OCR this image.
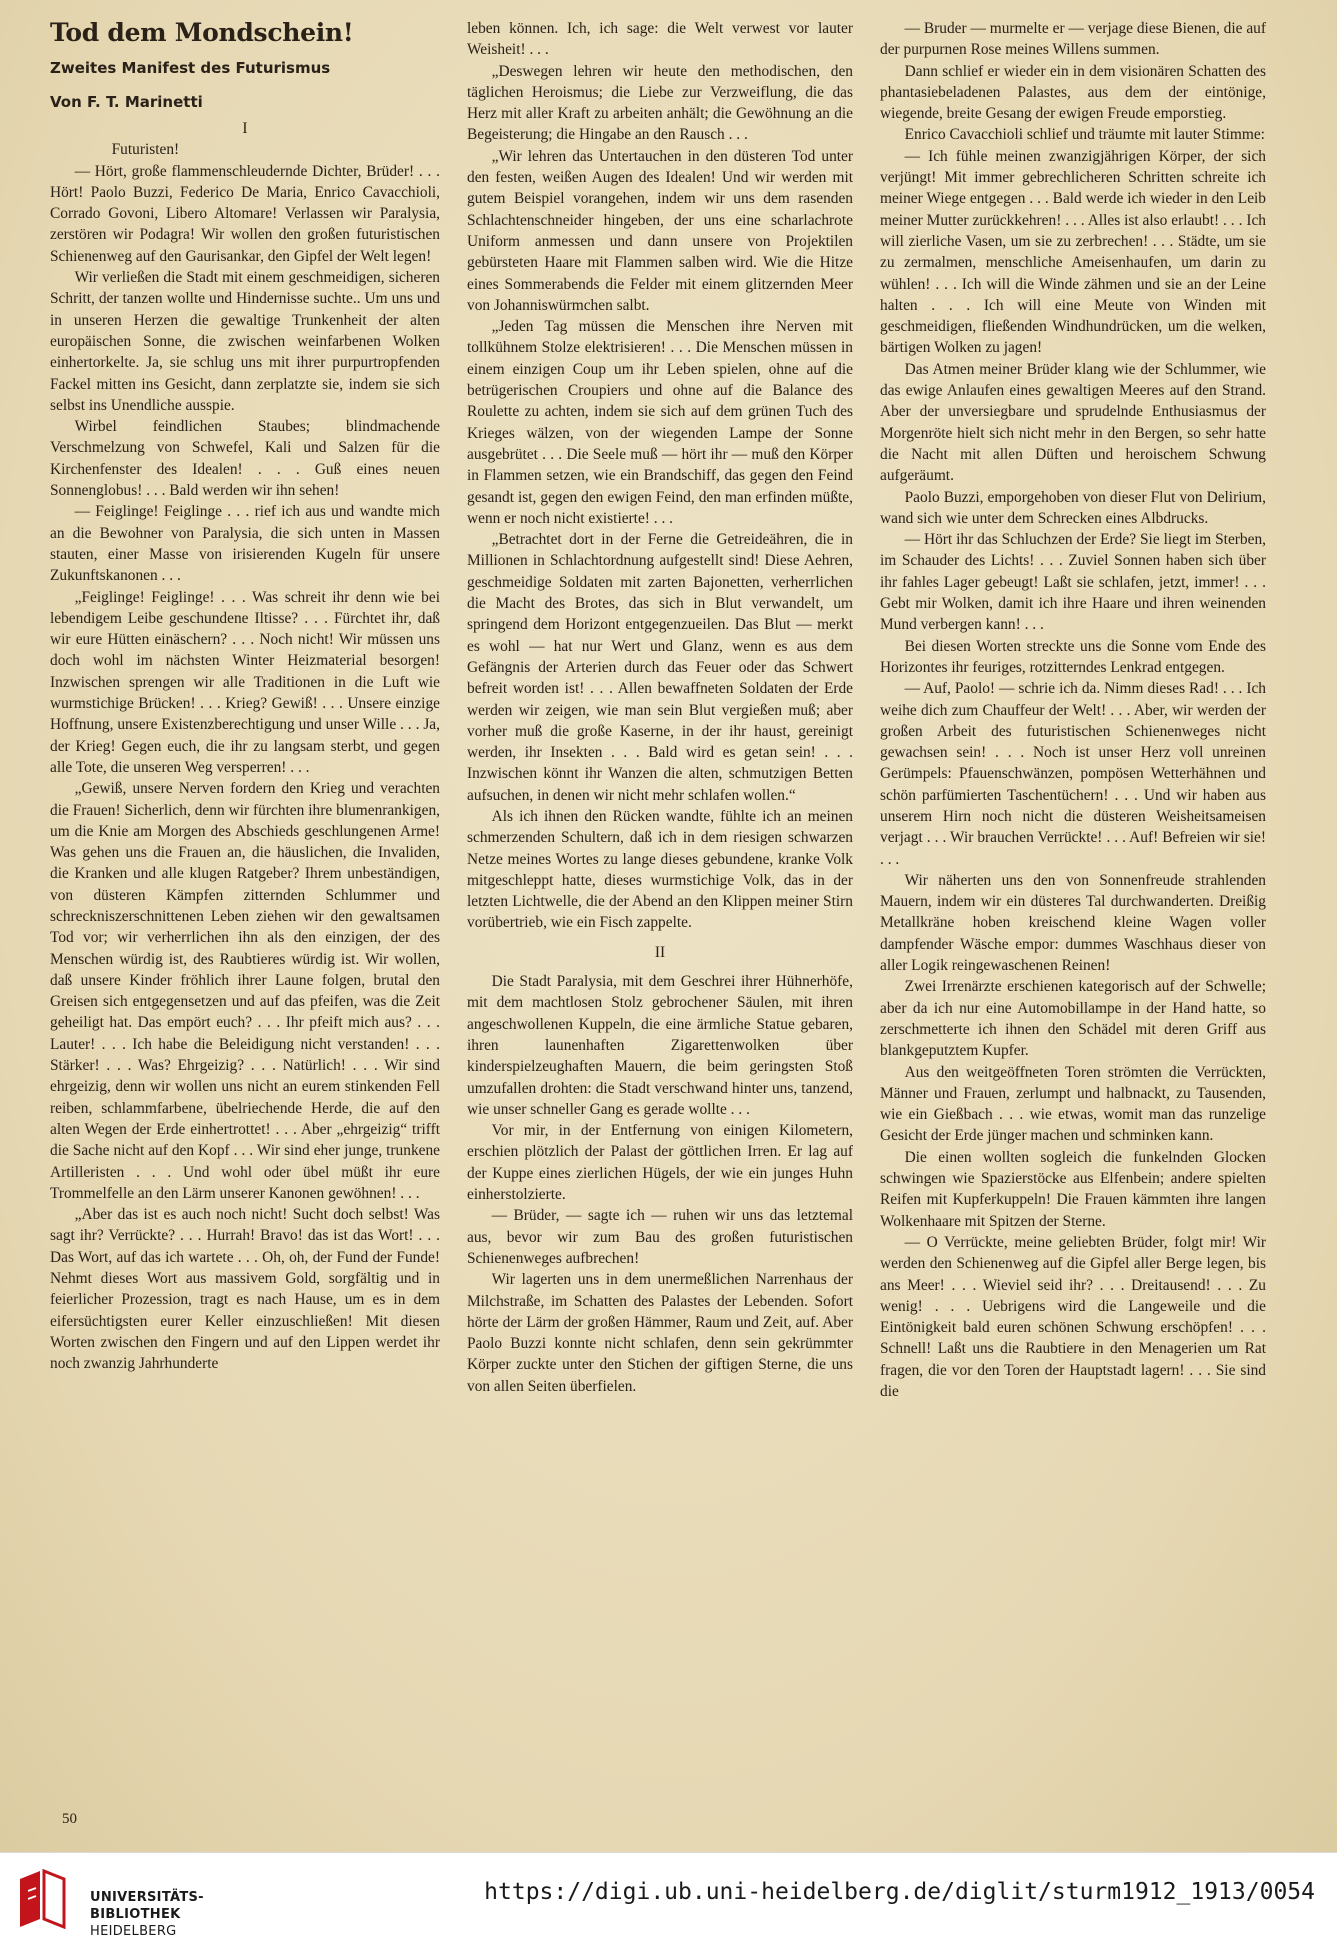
Tod dem Mondschein!
Zweites Manifest des Futurismus
Von F. T. Marinetti

I

Futuristen!

— Hört, große flammenschleudernde Dichter, Brüder! . . . Hört! Paolo Buzzi, Federico De Maria, Enrico Cavacchioli, Corrado Govoni, Libero Altomare! Verlassen wir Paralysia, zerstören wir Podagra! Wir wollen den großen futuristischen Schienenweg auf den Gaurisankar, den Gipfel der Welt legen!

Wir verließen die Stadt mit einem geschmeidigen, sicheren Schritt, der tanzen wollte und Hindernisse suchte.. Um uns und in unseren Herzen die gewaltige Trunkenheit der alten europäischen Sonne, die zwischen weinfarbenen Wolken einhertorkelte. Ja, sie schlug uns mit ihrer purpurtropfenden Fackel mitten ins Gesicht, dann zerplatzte sie, indem sie sich selbst ins Unendliche ausspie.

Wirbel feindlichen Staubes; blindmachende Verschmelzung von Schwefel, Kali und Salzen für die Kirchenfenster des Idealen! . . . Guß eines neuen Sonnenglobus! . . . Bald werden wir ihn sehen!

— Feiglinge! Feiglinge . . . rief ich aus und wandte mich an die Bewohner von Paralysia, die sich unten in Massen stauten, einer Masse von irisierenden Kugeln für unsere Zukunftskanonen . . .

„Feiglinge! Feiglinge! . . . Was schreit ihr denn wie bei lebendigem Leibe geschundene Iltisse? . . . Fürchtet ihr, daß wir eure Hütten einäschern? . . . Noch nicht! Wir müssen uns doch wohl im nächsten Winter Heizmaterial besorgen! Inzwischen sprengen wir alle Traditionen in die Luft wie wurmstichige Brücken! . . . Krieg? Gewiß! . . . Unsere einzige Hoffnung, unsere Existenzberechtigung und unser Wille . . . Ja, der Krieg! Gegen euch, die ihr zu langsam sterbt, und gegen alle Tote, die unseren Weg versperren! . . .

„Gewiß, unsere Nerven fordern den Krieg und verachten die Frauen! Sicherlich, denn wir fürchten ihre blumenrankigen, um die Knie am Morgen des Abschieds geschlungenen Arme! Was gehen uns die Frauen an, die häuslichen, die Invaliden, die Kranken und alle klugen Ratgeber? Ihrem unbeständigen, von düsteren Kämpfen zitternden Schlummer und schreckniszerschnittenen Leben ziehen wir den gewaltsamen Tod vor; wir verherrlichen ihn als den einzigen, der des Menschen würdig ist, des Raubtieres würdig ist. Wir wollen, daß unsere Kinder fröhlich ihrer Laune folgen, brutal den Greisen sich entgegensetzen und auf das pfeifen, was die Zeit geheiligt hat. Das empört euch? . . . Ihr pfeift mich aus? . . . Lauter! . . . Ich habe die Beleidigung nicht verstanden! . . . Stärker! . . . Was? Ehrgeizig? . . . Natürlich! . . . Wir sind ehrgeizig, denn wir wollen uns nicht an eurem stinkenden Fell reiben, schlammfarbene, übelriechende Herde, die auf den alten Wegen der Erde einhertrottet! . . . Aber „ehrgeizig“ trifft die Sache nicht auf den Kopf . . . Wir sind eher junge, trunkene Artilleristen . . . Und wohl oder übel müßt ihr eure Trommelfelle an den Lärm unserer Kanonen gewöhnen! . . .

„Aber das ist es auch noch nicht! Sucht doch selbst! Was sagt ihr? Verrückte? . . . Hurrah! Bravo! das ist das Wort! . . . Das Wort, auf das ich wartete . . . Oh, oh, der Fund der Funde! Nehmt dieses Wort aus massivem Gold, sorgfältig und in feierlicher Prozession, tragt es nach Hause, um es in dem eifersüchtigsten eurer Keller einzuschließen! Mit diesen Worten zwischen den Fingern und auf den Lippen werdet ihr noch zwanzig Jahrhunderte

leben können. Ich, ich sage: die Welt verwest vor lauter Weisheit! . . .

„Deswegen lehren wir heute den methodischen, den täglichen Heroismus; die Liebe zur Verzweiflung, die das Herz mit aller Kraft zu arbeiten anhält; die Gewöhnung an die Begeisterung; die Hingabe an den Rausch . . .

„Wir lehren das Untertauchen in den düsteren Tod unter den festen, weißen Augen des Idealen! Und wir werden mit gutem Beispiel vorangehen, indem wir uns dem rasenden Schlachtenschneider hingeben, der uns eine scharlachrote Uniform anmessen und dann unsere von Projektilen gebürsteten Haare mit Flammen salben wird. Wie die Hitze eines Sommerabends die Felder mit einem glitzernden Meer von Johanniswürmchen salbt.

„Jeden Tag müssen die Menschen ihre Nerven mit tollkühnem Stolze elektrisieren! . . . Die Menschen müssen in einem einzigen Coup um ihr Leben spielen, ohne auf die betrügerischen Croupiers und ohne auf die Balance des Roulette zu achten, indem sie sich auf dem grünen Tuch des Krieges wälzen, von der wiegenden Lampe der Sonne ausgebrütet . . . Die Seele muß — hört ihr — muß den Körper in Flammen setzen, wie ein Brandschiff, das gegen den Feind gesandt ist, gegen den ewigen Feind, den man erfinden müßte, wenn er noch nicht existierte! . . .

„Betrachtet dort in der Ferne die Getreideähren, die in Millionen in Schlachtordnung aufgestellt sind! Diese Aehren, geschmeidige Soldaten mit zarten Bajonetten, verherrlichen die Macht des Brotes, das sich in Blut verwandelt, um springend dem Horizont entgegenzueilen. Das Blut — merkt es wohl — hat nur Wert und Glanz, wenn es aus dem Gefängnis der Arterien durch das Feuer oder das Schwert befreit worden ist! . . . Allen bewaffneten Soldaten der Erde werden wir zeigen, wie man sein Blut vergießen muß; aber vorher muß die große Kaserne, in der ihr haust, gereinigt werden, ihr Insekten . . . Bald wird es getan sein! . . . Inzwischen könnt ihr Wanzen die alten, schmutzigen Betten aufsuchen, in denen wir nicht mehr schlafen wollen.“

Als ich ihnen den Rücken wandte, fühlte ich an meinen schmerzenden Schultern, daß ich in dem riesigen schwarzen Netze meines Wortes zu lange dieses gebundene, kranke Volk mitgeschleppt hatte, dieses wurmstichige Volk, das in der letzten Lichtwelle, die der Abend an den Klippen meiner Stirn vorübertrieb, wie ein Fisch zappelte.

II

Die Stadt Paralysia, mit dem Geschrei ihrer Hühnerhöfe, mit dem machtlosen Stolz gebrochener Säulen, mit ihren angeschwollenen Kuppeln, die eine ärmliche Statue gebaren, ihren launenhaften Zigarettenwolken über kinderspielzeughaften Mauern, die beim geringsten Stoß umzufallen drohten: die Stadt verschwand hinter uns, tanzend, wie unser schneller Gang es gerade wollte . . .

Vor mir, in der Entfernung von einigen Kilometern, erschien plötzlich der Palast der göttlichen Irren. Er lag auf der Kuppe eines zierlichen Hügels, der wie ein junges Huhn einherstolzierte.

— Brüder, — sagte ich — ruhen wir uns das letztemal aus, bevor wir zum Bau des großen futuristischen Schienenweges aufbrechen!

Wir lagerten uns in dem unermeßlichen Narrenhaus der Milchstraße, im Schatten des Palastes der Lebenden. Sofort hörte der Lärm der großen Hämmer, Raum und Zeit, auf. Aber Paolo Buzzi konnte nicht schlafen, denn sein gekrümmter Körper zuckte unter den Stichen der giftigen Sterne, die uns von allen Seiten überfielen.

— Bruder — murmelte er — verjage diese Bienen, die auf der purpurnen Rose meines Willens summen.

Dann schlief er wieder ein in dem visionären Schatten des phantasiebeladenen Palastes, aus dem der eintönige, wiegende, breite Gesang der ewigen Freude emporstieg.

Enrico Cavacchioli schlief und träumte mit lauter Stimme:

— Ich fühle meinen zwanzigjährigen Körper, der sich verjüngt! Mit immer gebrechlicheren Schritten schreite ich meiner Wiege entgegen . . . Bald werde ich wieder in den Leib meiner Mutter zurückkehren! . . . Alles ist also erlaubt! . . . Ich will zierliche Vasen, um sie zu zerbrechen! . . . Städte, um sie zu zermalmen, menschliche Ameisenhaufen, um darin zu wühlen! . . . Ich will die Winde zähmen und sie an der Leine halten . . . Ich will eine Meute von Winden mit geschmeidigen, fließenden Windhundrücken, um die welken, bärtigen Wolken zu jagen!

Das Atmen meiner Brüder klang wie der Schlummer, wie das ewige Anlaufen eines gewaltigen Meeres auf den Strand. Aber der unversiegbare und sprudelnde Enthusiasmus der Morgenröte hielt sich nicht mehr in den Bergen, so sehr hatte die Nacht mit allen Düften und heroischem Schwung aufgeräumt.

Paolo Buzzi, emporgehoben von dieser Flut von Delirium, wand sich wie unter dem Schrecken eines Albdrucks.

— Hört ihr das Schluchzen der Erde? Sie liegt im Sterben, im Schauder des Lichts! . . . Zuviel Sonnen haben sich über ihr fahles Lager gebeugt! Laßt sie schlafen, jetzt, immer! . . . Gebt mir Wolken, damit ich ihre Haare und ihren weinenden Mund verbergen kann! . . .

Bei diesen Worten streckte uns die Sonne vom Ende des Horizontes ihr feuriges, rotzitterndes Lenkrad entgegen.

— Auf, Paolo! — schrie ich da. Nimm dieses Rad! . . . Ich weihe dich zum Chauffeur der Welt! . . . Aber, wir werden der großen Arbeit des futuristischen Schienenweges nicht gewachsen sein! . . . Noch ist unser Herz voll unreinen Gerümpels: Pfauenschwänzen, pompösen Wetterhähnen und schön parfümierten Taschentüchern! . . . Und wir haben aus unserem Hirn noch nicht die düsteren Weisheitsameisen verjagt . . . Wir brauchen Verrückte! . . . Auf! Befreien wir sie! . . .

Wir näherten uns den von Sonnenfreude strahlenden Mauern, indem wir ein düsteres Tal durchwanderten. Dreißig Metallkräne hoben kreischend kleine Wagen voller dampfender Wäsche empor: dummes Waschhaus dieser von aller Logik reingewaschenen Reinen!

Zwei Irrenärzte erschienen kategorisch auf der Schwelle; aber da ich nur eine Automobillampe in der Hand hatte, so zerschmetterte ich ihnen den Schädel mit deren Griff aus blankgeputztem Kupfer.

Aus den weitgeöffneten Toren strömten die Verrückten, Männer und Frauen, zerlumpt und halbnackt, zu Tausenden, wie ein Gießbach . . . wie etwas, womit man das runzelige Gesicht der Erde jünger machen und schminken kann.

Die einen wollten sogleich die funkelnden Glocken schwingen wie Spazierstöcke aus Elfenbein; andere spielten Reifen mit Kupferkuppeln! Die Frauen kämmten ihre langen Wolkenhaare mit Spitzen der Sterne.

— O Verrückte, meine geliebten Brüder, folgt mir! Wir werden den Schienenweg auf die Gipfel aller Berge legen, bis ans Meer! . . . Wieviel seid ihr? . . . Dreitausend! . . . Zu wenig! . . . Uebrigens wird die Langeweile und die Eintönigkeit bald euren schönen Schwung erschöpfen! . . . Schnell! Laßt uns die Raubtiere in den Menagerien um Rat fragen, die vor den Toren der Hauptstadt lagern! . . . Sie sind die

50
UNIVERSITÄTS-
BIBLIOTHEK
HEIDELBERG
https://digi.ub.uni-heidelberg.de/diglit/sturm1912_1913/0054
